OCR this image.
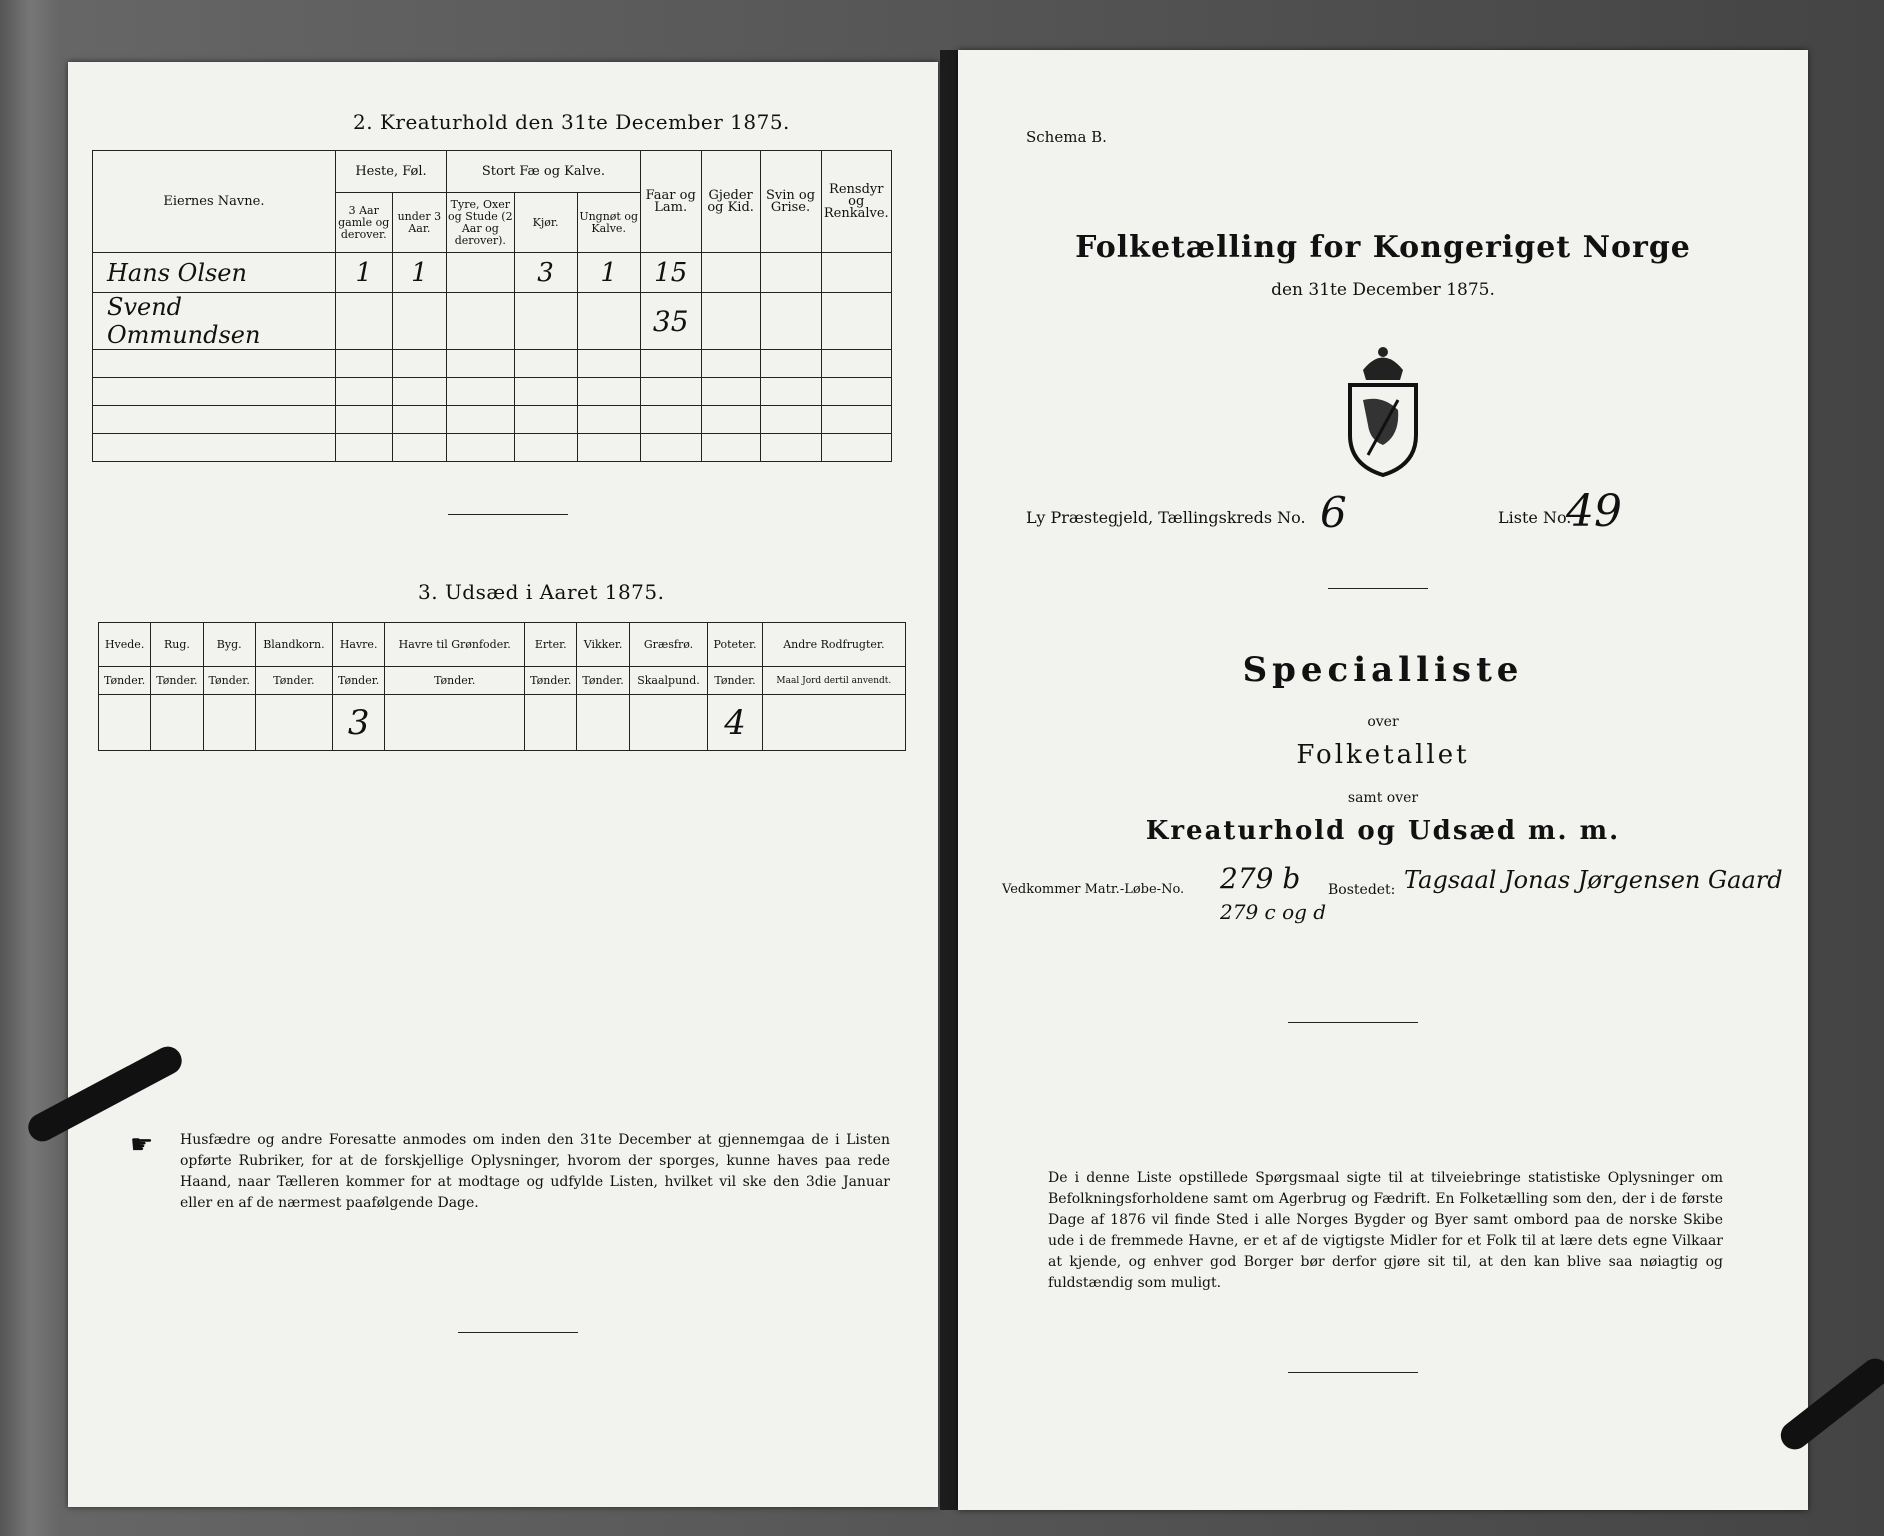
2. Kreaturhold den 31te December 1875.
Eiernes Navne.	Heste, Føl.		Stort Fæ og Kalve.			Faar og Lam.	Gjeder og Kid.	Svin og Grise.	Rensdyr og Renkalve.
	3 Aar gamle og derover.	under 3 Aar.	Tyre, Oxer og Stude (2 Aar og derover).	Kjør.	Ungnøt og Kalve.				
Hans Olsen	1	1		3	1	15			
Svend Ommundsen						35			

3. Udsæd i Aaret 1875.
Hvede.	Rug.	Byg.	Blandkorn.	Havre.	Havre til Grønfoder.	Erter.	Vikker.	Græsfrø.	Poteter.	Andre Rodfrugter.
Tønder.	Tønder.	Tønder.	Tønder.	Tønder.	Tønder.	Tønder.	Tønder.	Skaalpund.	Tønder.	Maal Jord dertil anvendt.
				3					4	
☛ Husfædre og andre Foresatte anmodes om inden den 31te December at gjennemgaa de i Listen opførte Rubriker, for at de forskjellige Oplysninger, hvorom der sporges, kunne haves paa rede Haand, naar Tælleren kommer for at modtage og udfylde Listen, hvilket vil ske den 3die Januar eller en af de nærmest paafølgende Dage.
Schema B.
Folketælling for Kongeriget Norge
den 31te December 1875.
Ly Præstegjeld, Tællingskreds No. 6	Liste No.
49
Specialliste
over
Folketallet
samt over
Kreaturhold og Udsæd m. m.
Vedkommer Matr.-Løbe-No. 279 b
279 c og d
Bostedet: Tagsaal Jonas Jørgensen Gaard
De i denne Liste opstillede Spørgsmaal sigte til at tilveiebringe statistiske Oplysninger om Befolkningsforholdene samt om Agerbrug og Fædrift. En Folketælling som den, der i de første Dage af 1876 vil finde Sted i alle Norges Bygder og Byer samt ombord paa de norske Skibe ude i de fremmede Havne, er et af de vigtigste Midler for et Folk til at lære dets egne Vilkaar at kjende, og enhver god Borger bør derfor gjøre sit til, at den kan blive saa nøiagtig og fuldstændig som muligt.
